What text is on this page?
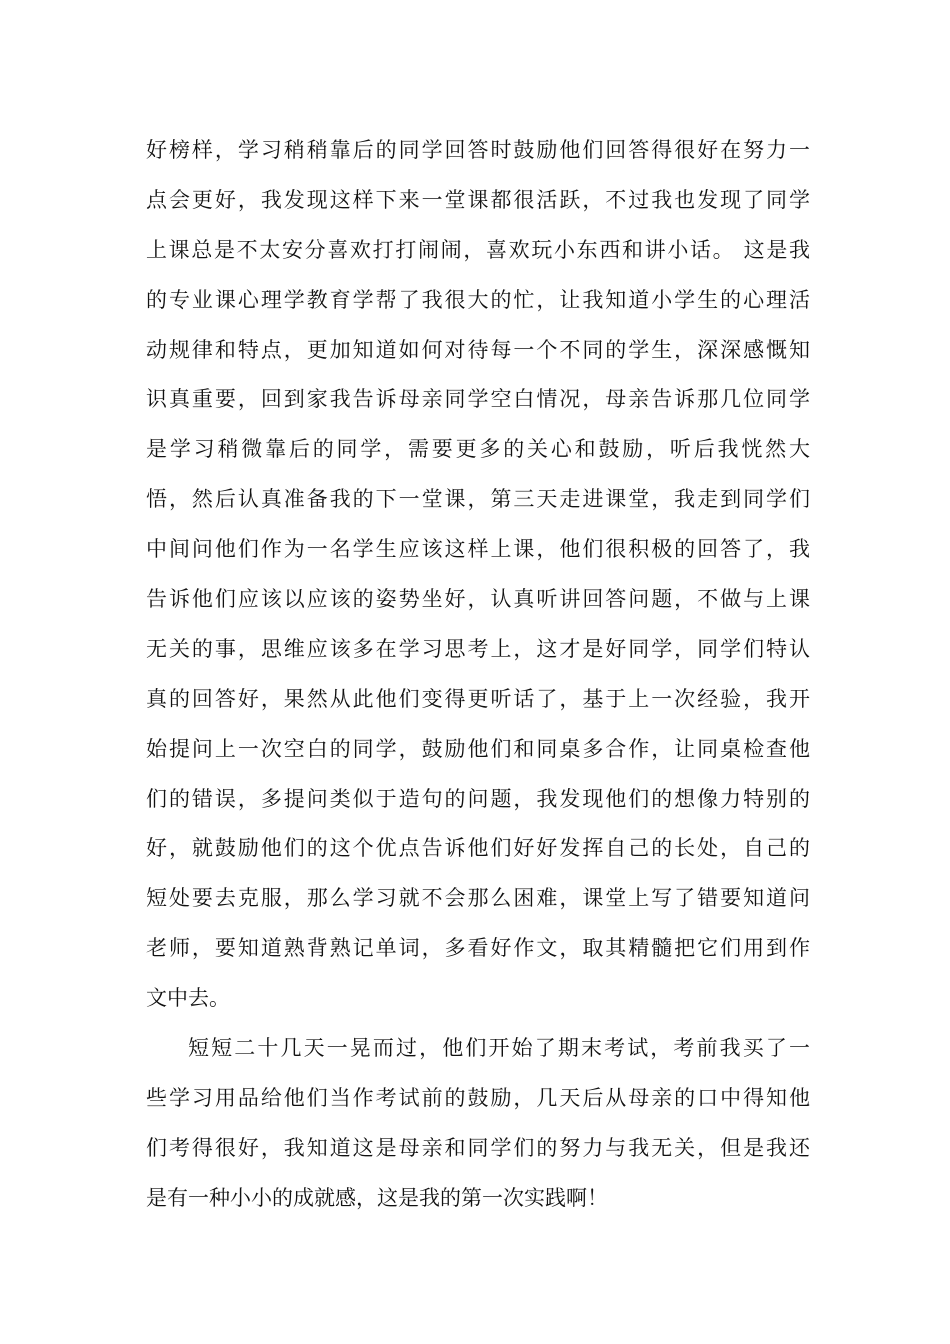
好榜样，学习稍稍靠后的同学回答时鼓励他们回答得很好在努力一
点会更好，我发现这样下来一堂课都很活跃，不过我也发现了同学
上课总是不太安分喜欢打打闹闹，喜欢玩小东西和讲小话。 这是我
的专业课心理学教育学帮了我很大的忙，让我知道小学生的心理活
动规律和特点，更加知道如何对待每一个不同的学生，深深感慨知
识真重要，回到家我告诉母亲同学空白情况，母亲告诉那几位同学
是学习稍微靠后的同学，需要更多的关心和鼓励，听后我恍然大
悟，然后认真准备我的下一堂课，第三天走进课堂，我走到同学们
中间问他们作为一名学生应该这样上课，他们很积极的回答了，我
告诉他们应该以应该的姿势坐好，认真听讲回答问题，不做与上课
无关的事，思维应该多在学习思考上，这才是好同学，同学们特认
真的回答好，果然从此他们变得更听话了，基于上一次经验，我开
始提问上一次空白的同学，鼓励他们和同桌多合作，让同桌检查他
们的错误，多提问类似于造句的问题，我发现他们的想像力特别的
好，就鼓励他们的这个优点告诉他们好好发挥自己的长处，自己的
短处要去克服，那么学习就不会那么困难，课堂上写了错要知道问
老师，要知道熟背熟记单词，多看好作文，取其精髓把它们用到作
文中去。
短短二十几天一晃而过，他们开始了期末考试，考前我买了一
些学习用品给他们当作考试前的鼓励，几天后从母亲的口中得知他
们考得很好，我知道这是母亲和同学们的努力与我无关，但是我还
是有一种小小的成就感，这是我的第一次实践啊！
